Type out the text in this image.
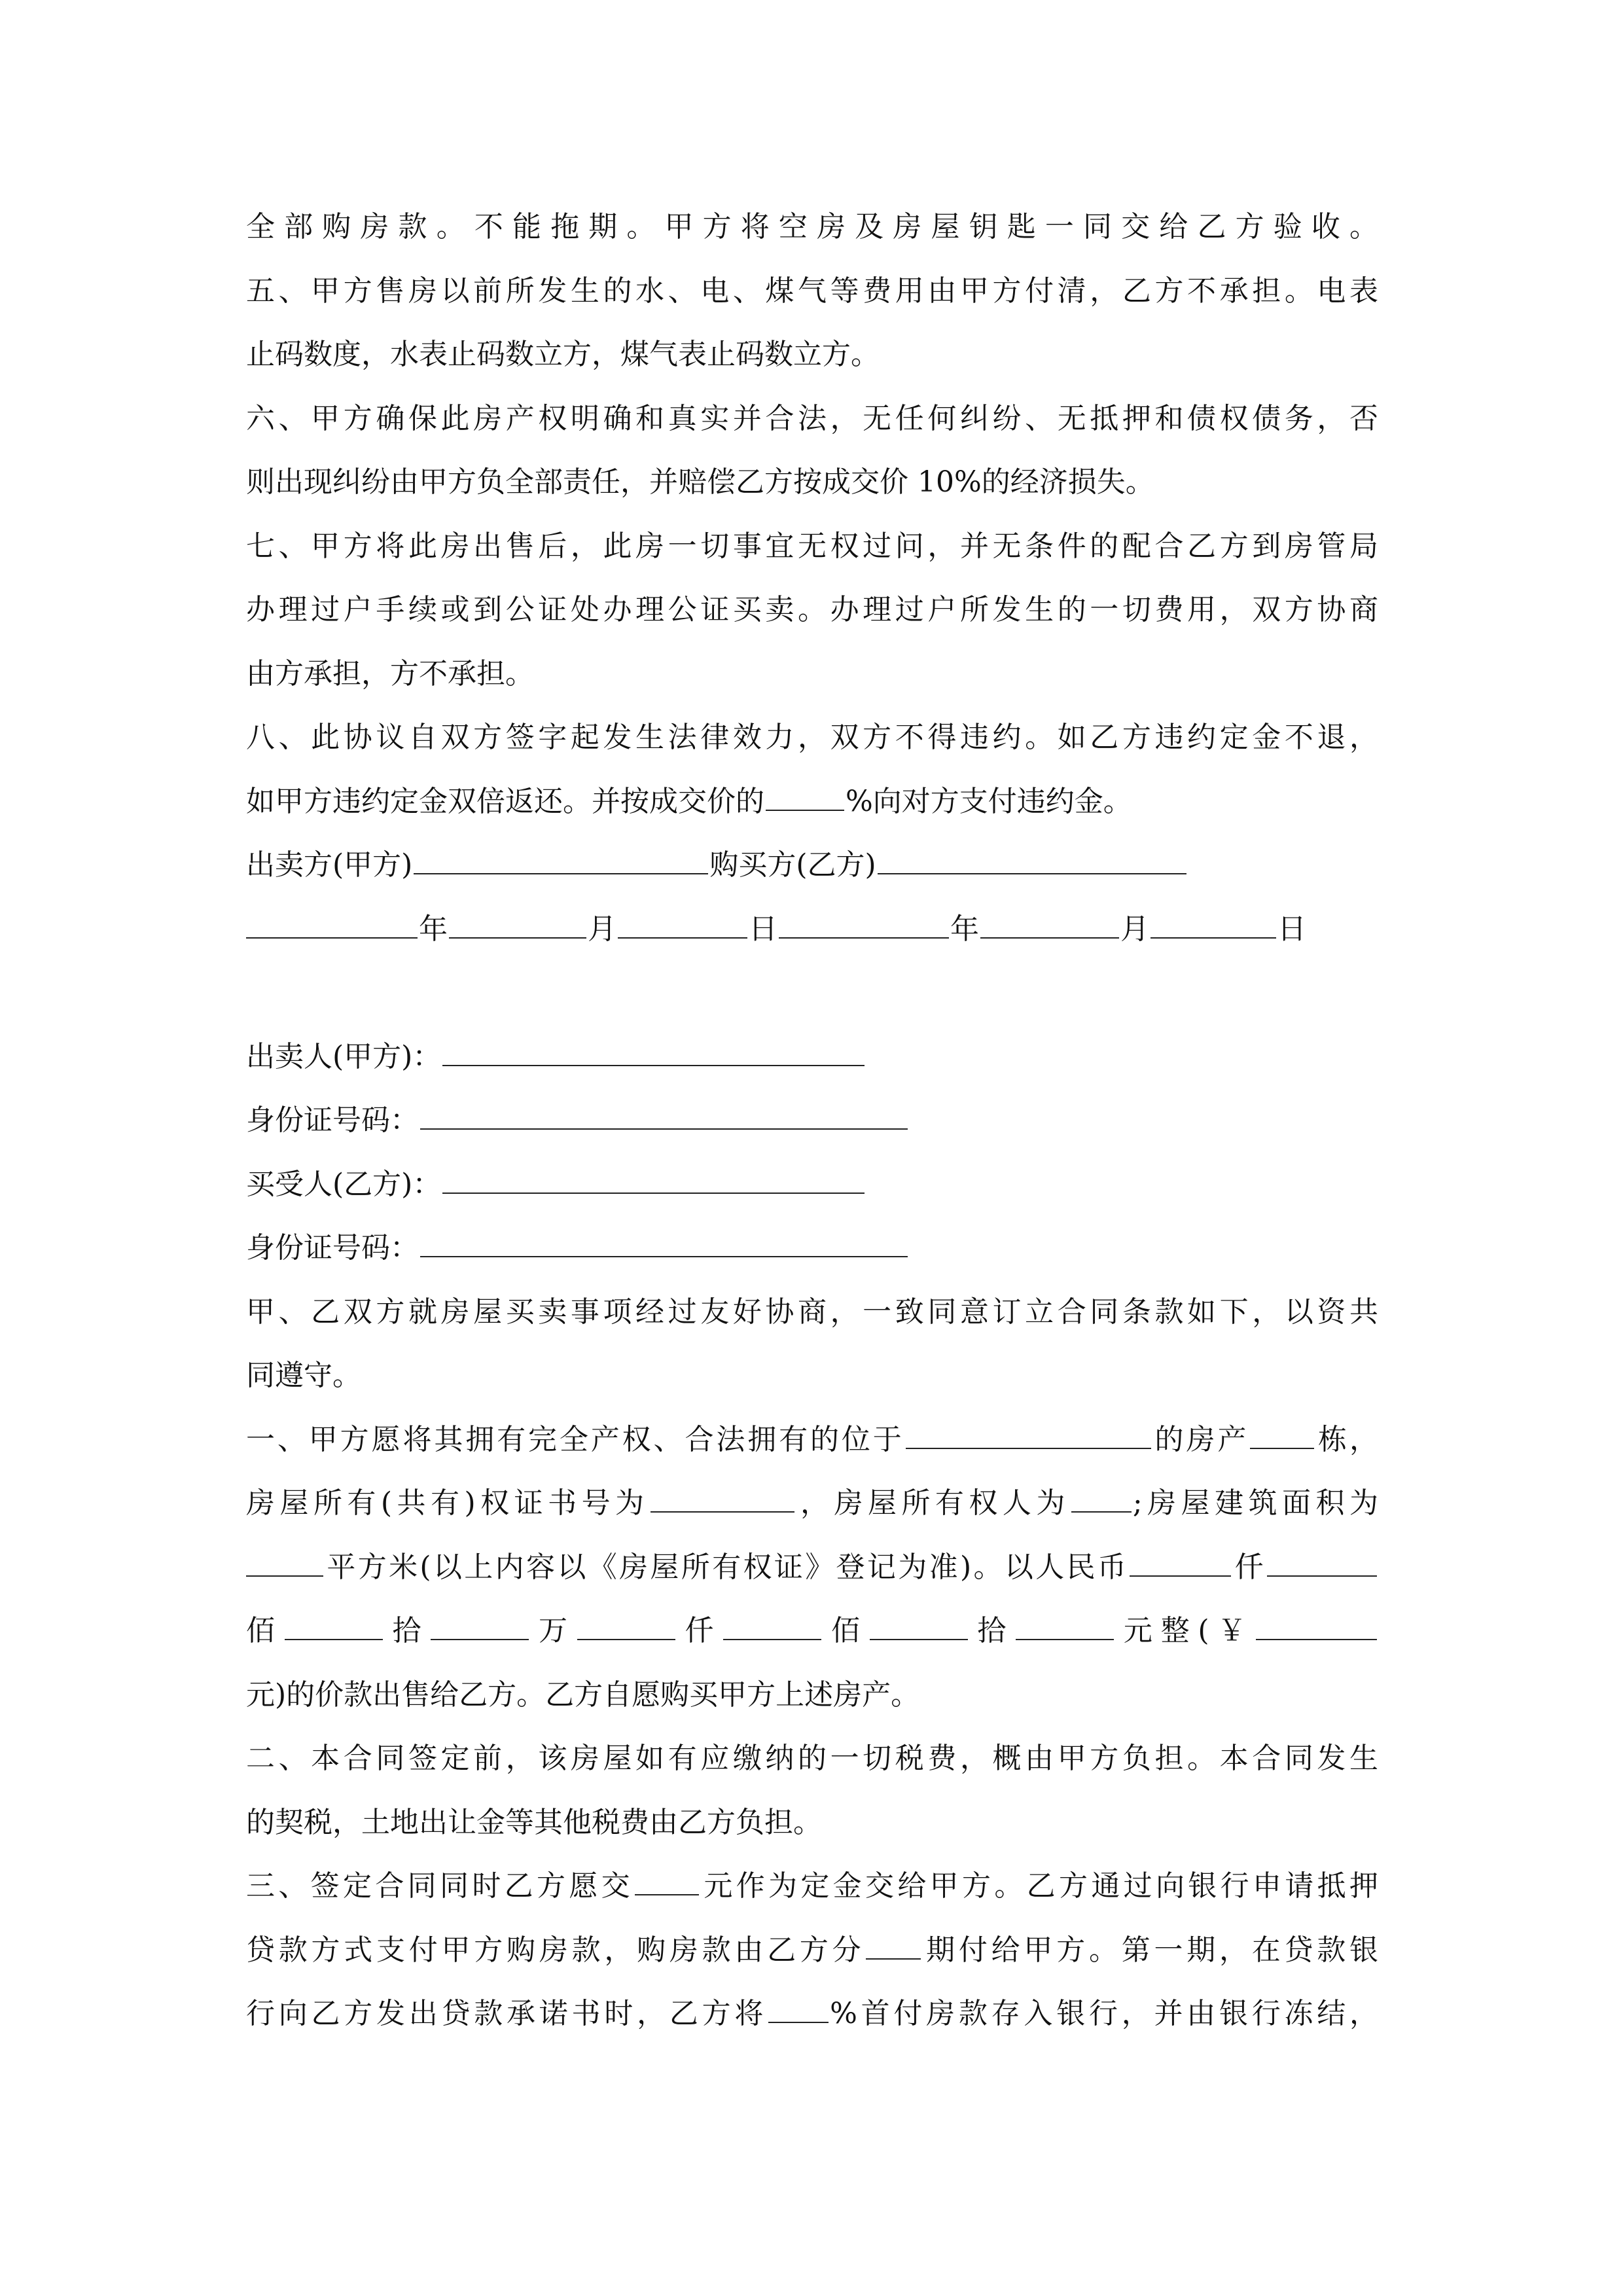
全部购房款。不能拖期。甲方将空房及房屋钥匙一同交给乙方验收。
五、甲方售房以前所发生的水、电、煤气等费用由甲方付清，乙方不承担。电表
止码数度，水表止码数立方，煤气表止码数立方。
六、甲方确保此房产权明确和真实并合法，无任何纠纷、无抵押和债权债务，否
则出现纠纷由甲方负全部责任，并赔偿乙方按成交价 10%的经济损失。
七、甲方将此房出售后，此房一切事宜无权过问，并无条件的配合乙方到房管局
办理过户手续或到公证处办理公证买卖。办理过户所发生的一切费用，双方协商
由方承担，方不承担。
八、此协议自双方签字起发生法律效力，双方不得违约。如乙方违约定金不退，
如甲方违约定金双倍返还。并按成交价的	%向对方支付违约金。
出卖方(甲方)	购买方(乙方)
年	月	日	年	月	日
出卖人(甲方)：
身份证号码：
买受人(乙方)：
身份证号码：
甲、乙双方就房屋买卖事项经过友好协商，一致同意订立合同条款如下，以资共
同遵守。
一、甲方愿将其拥有完全产权、合法拥有的位于	的房产 栋，
房屋所有(共有)权证书号为	，房屋所有权人为 ;房屋建筑面积为
平方米(以上内容以《房屋所有权证》登记为准)。以人民币	仟
佰	拾	万	仟	佰	拾	元整(￥
元)的价款出售给乙方。乙方自愿购买甲方上述房产。
二、本合同签定前，该房屋如有应缴纳的一切税费，概由甲方负担。本合同发生
的契税，土地出让金等其他税费由乙方负担。
三、签定合同同时乙方愿交 元作为定金交给甲方。乙方通过向银行申请抵押
贷款方式支付甲方购房款，购房款由乙方分 期付给甲方。第一期，在贷款银
行向乙方发出贷款承诺书时，乙方将 %首付房款存入银行，并由银行冻结，
